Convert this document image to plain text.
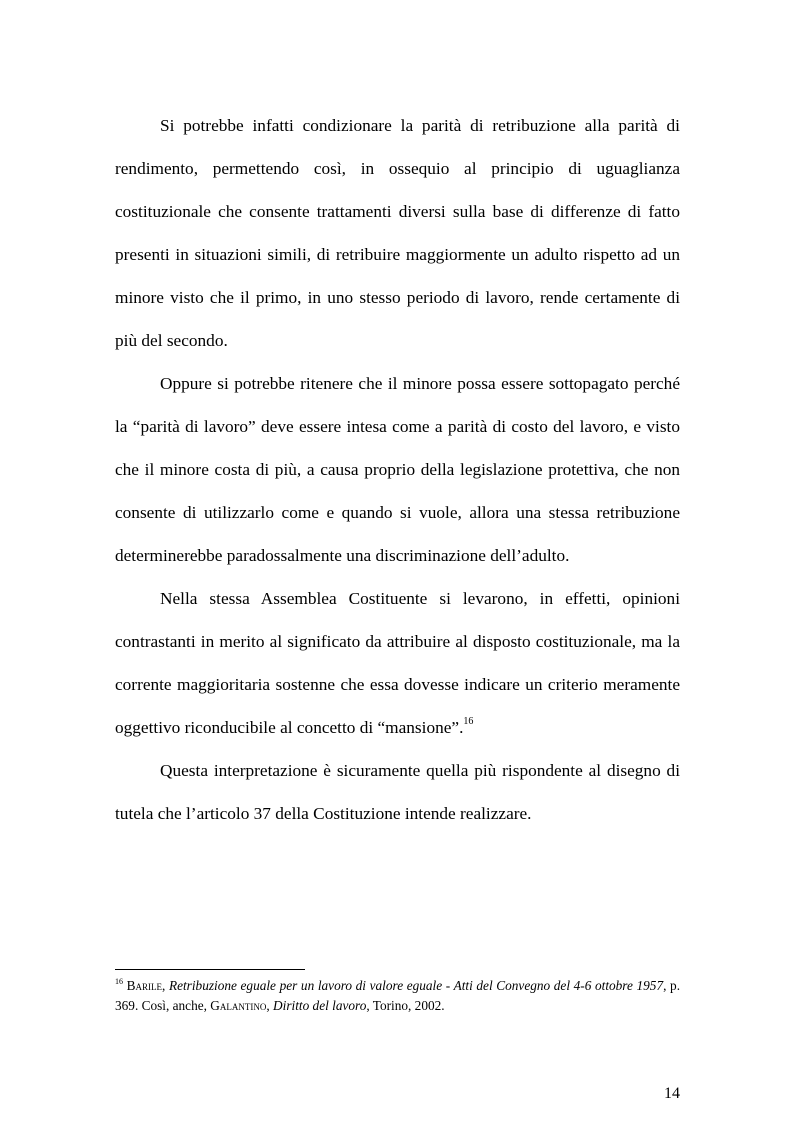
Si potrebbe infatti condizionare la parità di retribuzione alla parità di rendimento, permettendo così, in ossequio al principio di uguaglianza costituzionale che consente trattamenti diversi sulla base di differenze di fatto presenti in situazioni simili, di retribuire maggiormente un adulto rispetto ad un minore visto che il primo, in uno stesso periodo di lavoro, rende certamente di più del secondo.

Oppure si potrebbe ritenere che il minore possa essere sottopagato perché la “parità di lavoro” deve essere intesa come a parità di costo del lavoro, e visto che il minore costa di più, a causa proprio della legislazione protettiva, che non consente di utilizzarlo come e quando si vuole, allora una stessa retribuzione determinerebbe paradossalmente una discriminazione dell’adulto.

Nella stessa Assemblea Costituente si levarono, in effetti, opinioni contrastanti in merito al significato da attribuire al disposto costituzionale, ma la corrente maggioritaria sostenne che essa dovesse indicare un criterio meramente oggettivo riconducibile al concetto di “mansione”.$^{16}$

Questa interpretazione è sicuramente quella più rispondente al disegno di tutela che l’articolo 37 della Costituzione intende realizzare.

$^{16}$ Barile, Retribuzione eguale per un lavoro di valore eguale - Atti del Convegno del 4-6 ottobre 1957, p. 369. Così, anche, Galantino, Diritto del lavoro, Torino, 2002.

14
